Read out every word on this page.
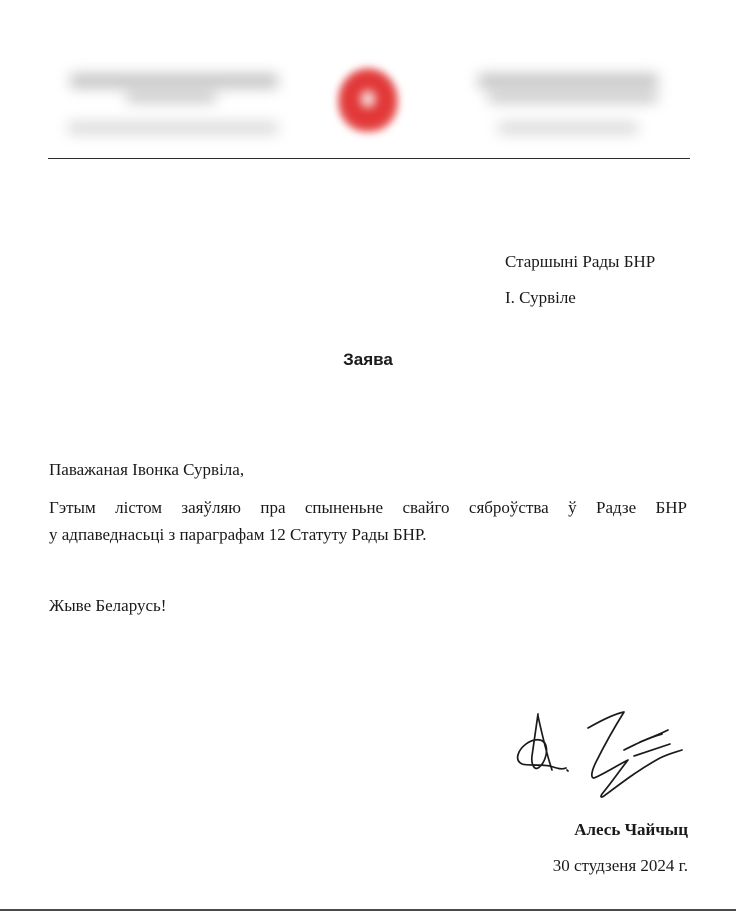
Старшыні Рады БНР
І. Сурвіле
Заява
Паважаная Івонка Сурвіла,
Гэтым лістом заяўляю пра спыненьне свайго сяброўства ў Радзе БНР
у адпаведнасьці з параграфам 12 Статуту Рады БНР.
Жыве Беларусь!
Алесь Чайчыц
30 студзеня 2024 г.
